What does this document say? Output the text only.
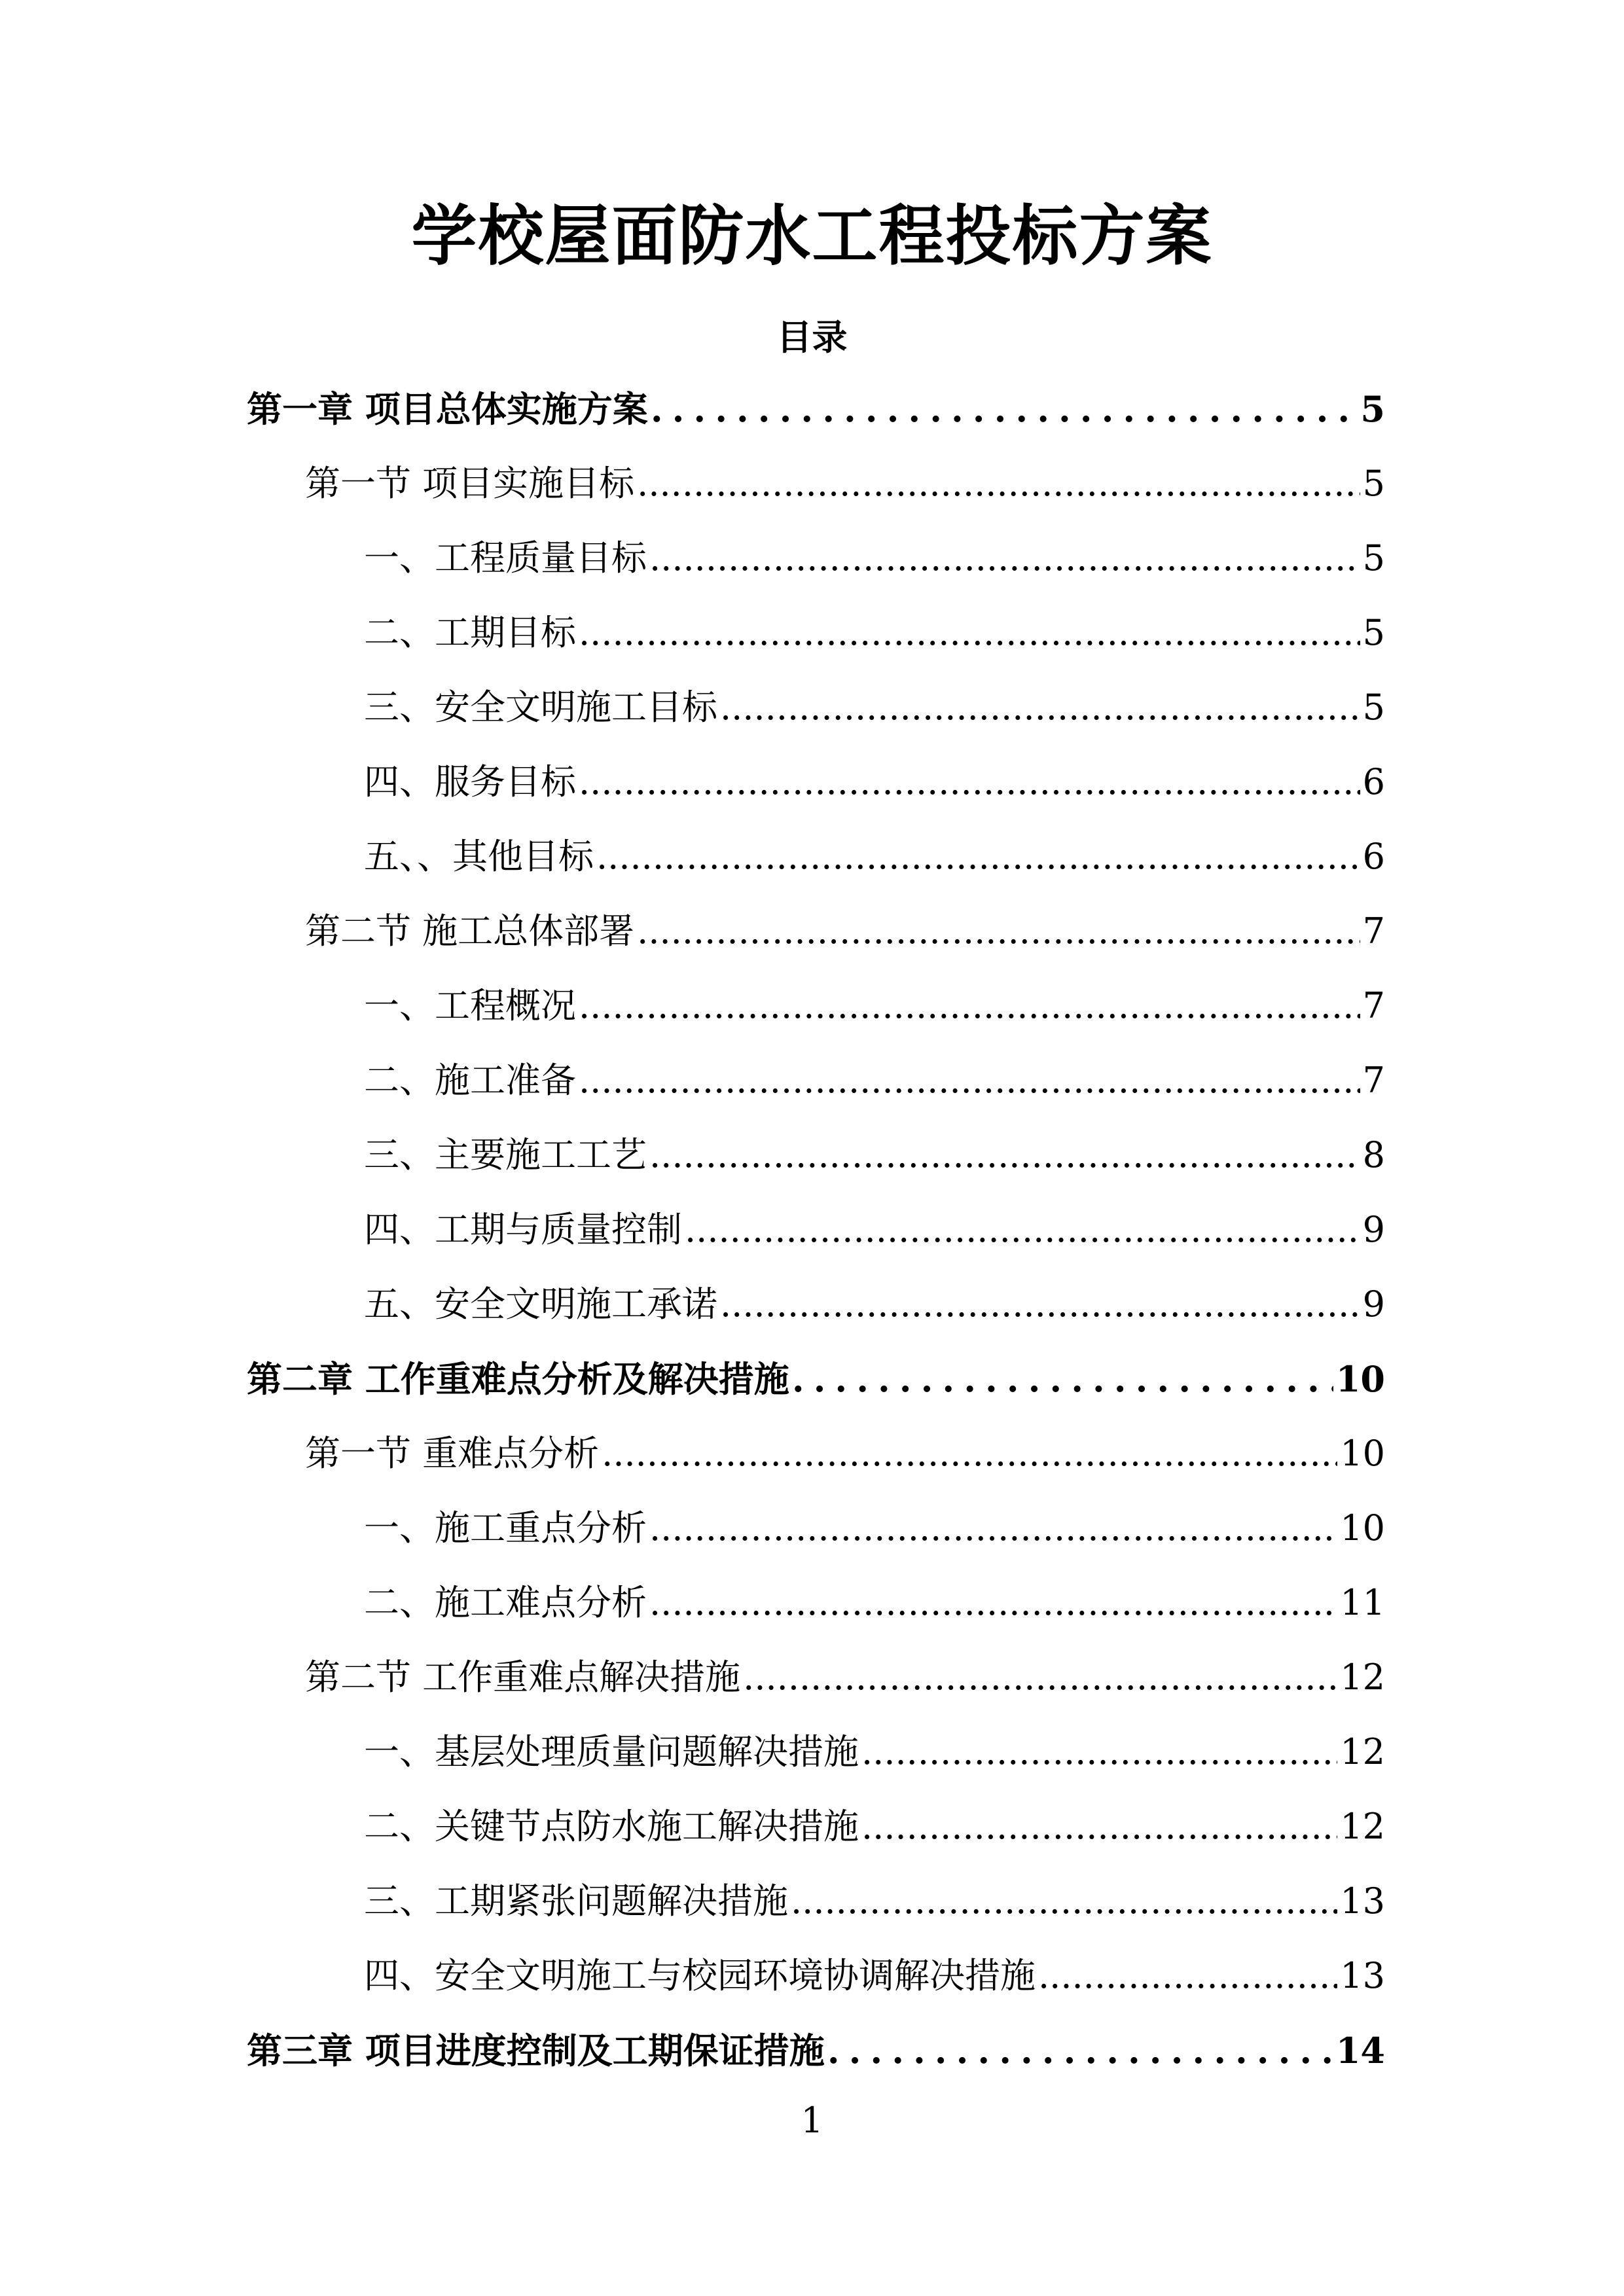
学校屋面防水工程投标方案
目录
第一章 项目总体实施方案 .....	5
第一节 项目实施目标 .....	5
一、工程质量目标 .....	5
二、工期目标 .....	5
三、安全文明施工目标 .....	5
四、服务目标 .....	6
五、、其他目标 .....	6
第二节 施工总体部署 .....	7
一、工程概况 .....	7
二、施工准备 .....	7
三、主要施工工艺 .....	8
四、工期与质量控制 .....	9
五、安全文明施工承诺 .....	9
第二章 工作重难点分析及解决措施 .....	10
第一节 重难点分析 .....	10
一、施工重点分析 .....	10
二、施工难点分析 .....	11
第二节 工作重难点解决措施 .....	12
一、基层处理质量问题解决措施 .....	12
二、关键节点防水施工解决措施 .....	12
三、工期紧张问题解决措施 .....	13
四、安全文明施工与校园环境协调解决措施 .....	13
第三章 项目进度控制及工期保证措施 .....	14
1
